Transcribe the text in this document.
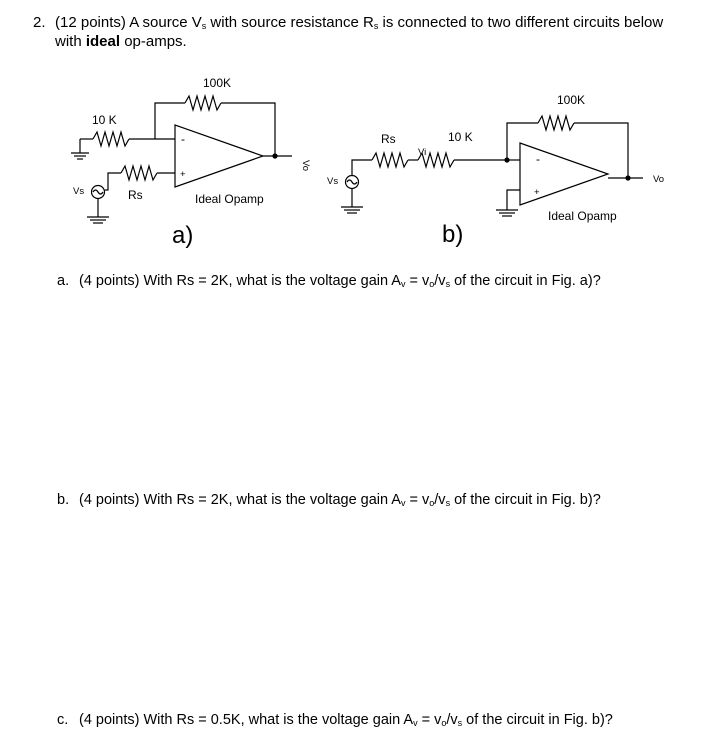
2. (12 points) A source $V_s$ with source resistance $R_s$ is connected to two different circuits below
with ideal op-amps.
100K
10 K
Rs
Vs
Vo
Ideal Opamp
-
+
a)
100K
10 K
Rs
Vi
Vs	Vo
Ideal Opamp
-
+
b)
a. (4 points) With Rs = 2K, what is the voltage gain $A_v = v_o/v_s$ of the circuit in Fig. a)?
b. (4 points) With Rs = 2K, what is the voltage gain $A_v = v_o/v_s$ of the circuit in Fig. b)?
c. (4 points) With Rs = 0.5K, what is the voltage gain $A_v = v_o/v_s$ of the circuit in Fig. b)?
